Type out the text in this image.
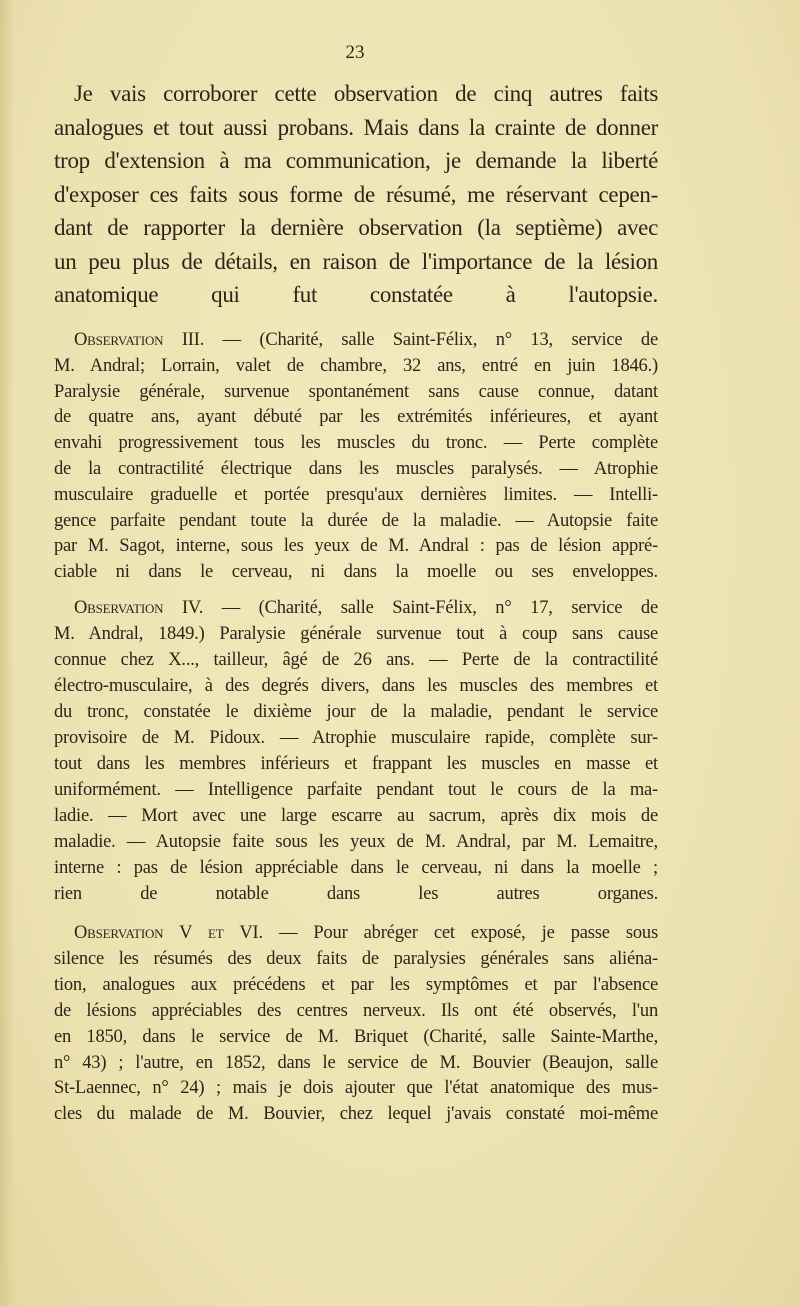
23
Je vais corroborer cette observation de cinq autres faits
analogues et tout aussi probans. Mais dans la crainte de donner
trop d'extension à ma communication, je demande la liberté
d'exposer ces faits sous forme de résumé, me réservant cepen-
dant de rapporter la dernière observation (la septième) avec
un peu plus de détails, en raison de l'importance de la lésion
anatomique qui fut constatée à l'autopsie.
Observation III. — (Charité, salle Saint-Félix, n° 13, service de
M. Andral; Lorrain, valet de chambre, 32 ans, entré en juin 1846.)
Paralysie générale, survenue spontanément sans cause connue, datant
de quatre ans, ayant débuté par les extrémités inférieures, et ayant
envahi progressivement tous les muscles du tronc. — Perte complète
de la contractilité électrique dans les muscles paralysés. — Atrophie
musculaire graduelle et portée presqu'aux dernières limites. — Intelli-
gence parfaite pendant toute la durée de la maladie. — Autopsie faite
par M. Sagot, interne, sous les yeux de M. Andral : pas de lésion appré-
ciable ni dans le cerveau, ni dans la moelle ou ses enveloppes.
Observation IV. — (Charité, salle Saint-Félix, n° 17, service de
M. Andral, 1849.) Paralysie générale survenue tout à coup sans cause
connue chez X..., tailleur, âgé de 26 ans. — Perte de la contractilité
électro-musculaire, à des degrés divers, dans les muscles des membres et
du tronc, constatée le dixième jour de la maladie, pendant le service
provisoire de M. Pidoux. — Atrophie musculaire rapide, complète sur-
tout dans les membres inférieurs et frappant les muscles en masse et
uniformément. — Intelligence parfaite pendant tout le cours de la ma-
ladie. — Mort avec une large escarre au sacrum, après dix mois de
maladie. — Autopsie faite sous les yeux de M. Andral, par M. Lemaitre,
interne : pas de lésion appréciable dans le cerveau, ni dans la moelle ;
rien de notable dans les autres organes.
Observation V et VI. — Pour abréger cet exposé, je passe sous
silence les résumés des deux faits de paralysies générales sans aliéna-
tion, analogues aux précédens et par les symptômes et par l'absence
de lésions appréciables des centres nerveux. Ils ont été observés, l'un
en 1850, dans le service de M. Briquet (Charité, salle Sainte-Marthe,
n° 43) ; l'autre, en 1852, dans le service de M. Bouvier (Beaujon, salle
St-Laennec, n° 24) ; mais je dois ajouter que l'état anatomique des mus-
cles du malade de M. Bouvier, chez lequel j'avais constaté moi-même
